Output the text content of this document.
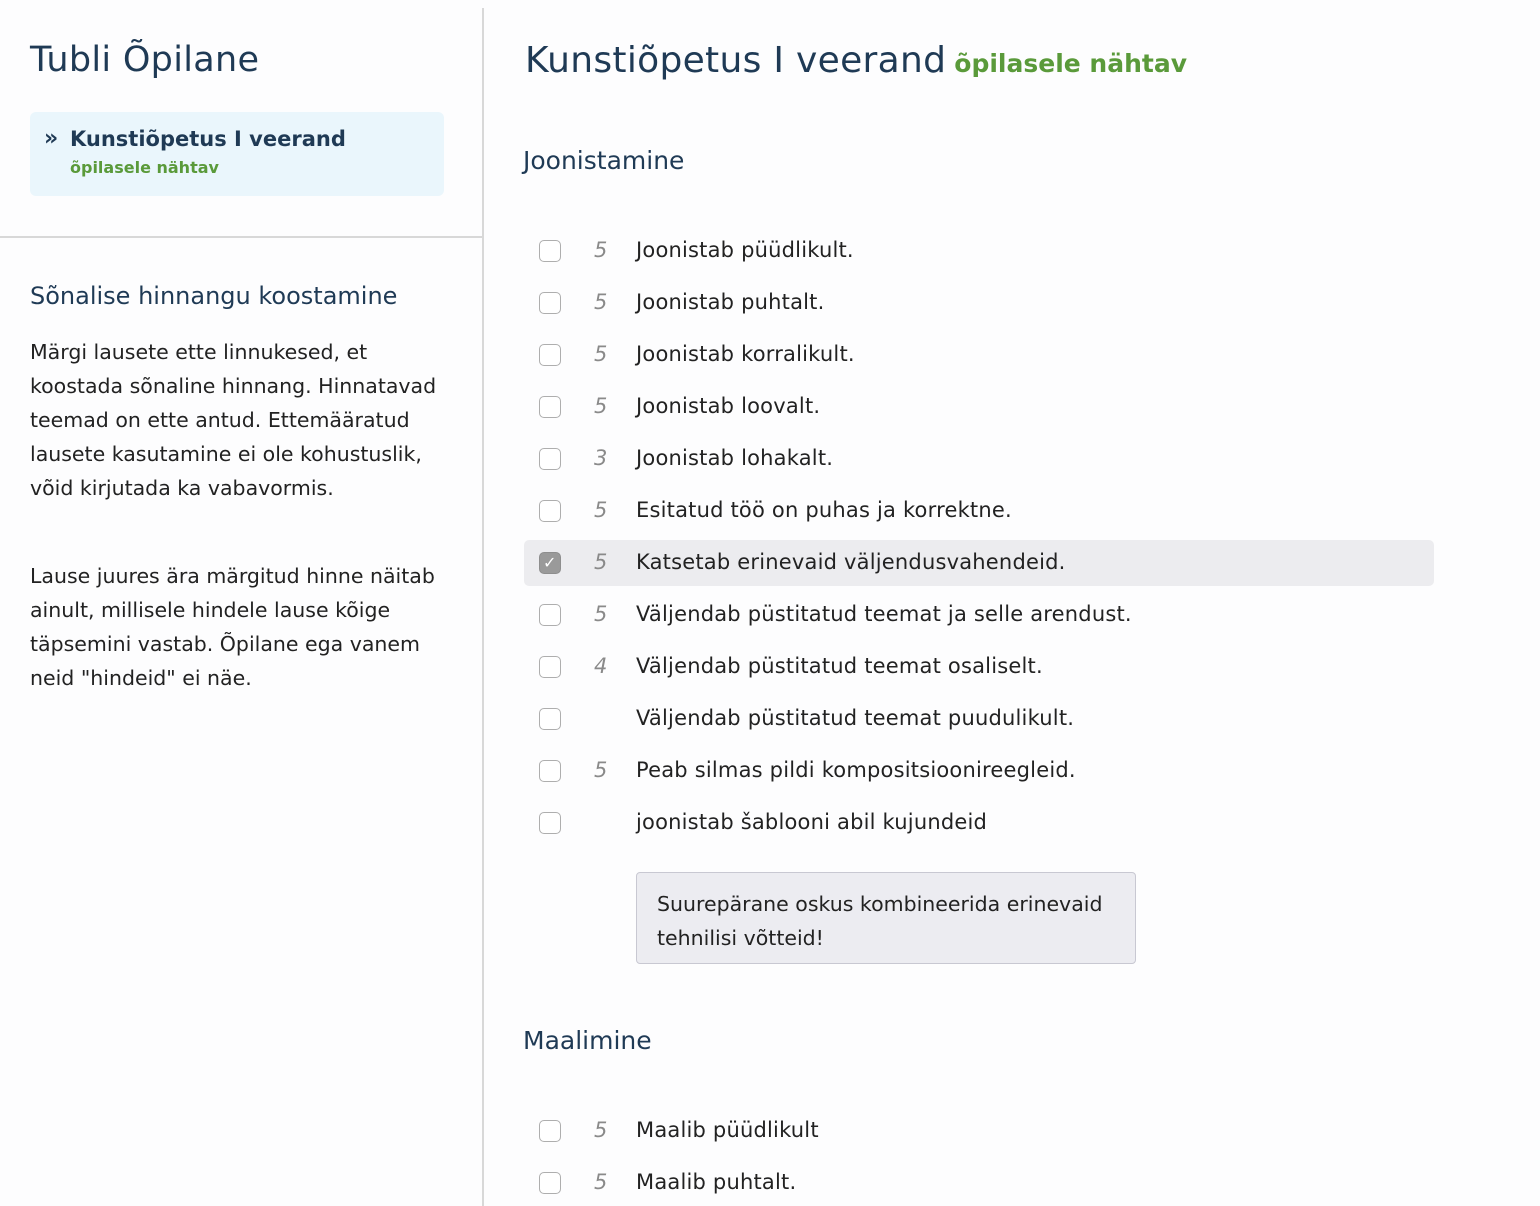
Tubli Õpilane
» Kunstiõpetus I veerand
õpilasele nähtav
Sõnalise hinnangu koostamine

Märgi lausete ette linnukesed, et koostada sõnaline hinnang. Hinnatavad teemad on ette antud. Ettemääratud lausete kasutamine ei ole kohustuslik, võid kirjutada ka vabavormis.

Lause juures ära märgitud hinne näitab ainult, millisele hindele lause kõige täpsemini vastab. Õpilane ega vanem neid "hindeid" ei näe.

Kunstiõpetus I veerand õpilasele nähtav
Joonistamine
5 Joonistab püüdlikult.
5 Joonistab puhtalt.
5 Joonistab korralikult.
5 Joonistab loovalt.
3 Joonistab lohakalt.
5 Esitatud töö on puhas ja korrektne.
✓ 5 Katsetab erinevaid väljendusvahendeid.
5 Väljendab püstitatud teemat ja selle arendust.
4 Väljendab püstitatud teemat osaliselt.
Väljendab püstitatud teemat puudulikult.
5 Peab silmas pildi kompositsioonireegleid.
joonistab šablooni abil kujundeid
Suurepärane oskus kombineerida erinevaid tehnilisi võtteid!
Maalimine
5 Maalib püüdlikult
5 Maalib puhtalt.
